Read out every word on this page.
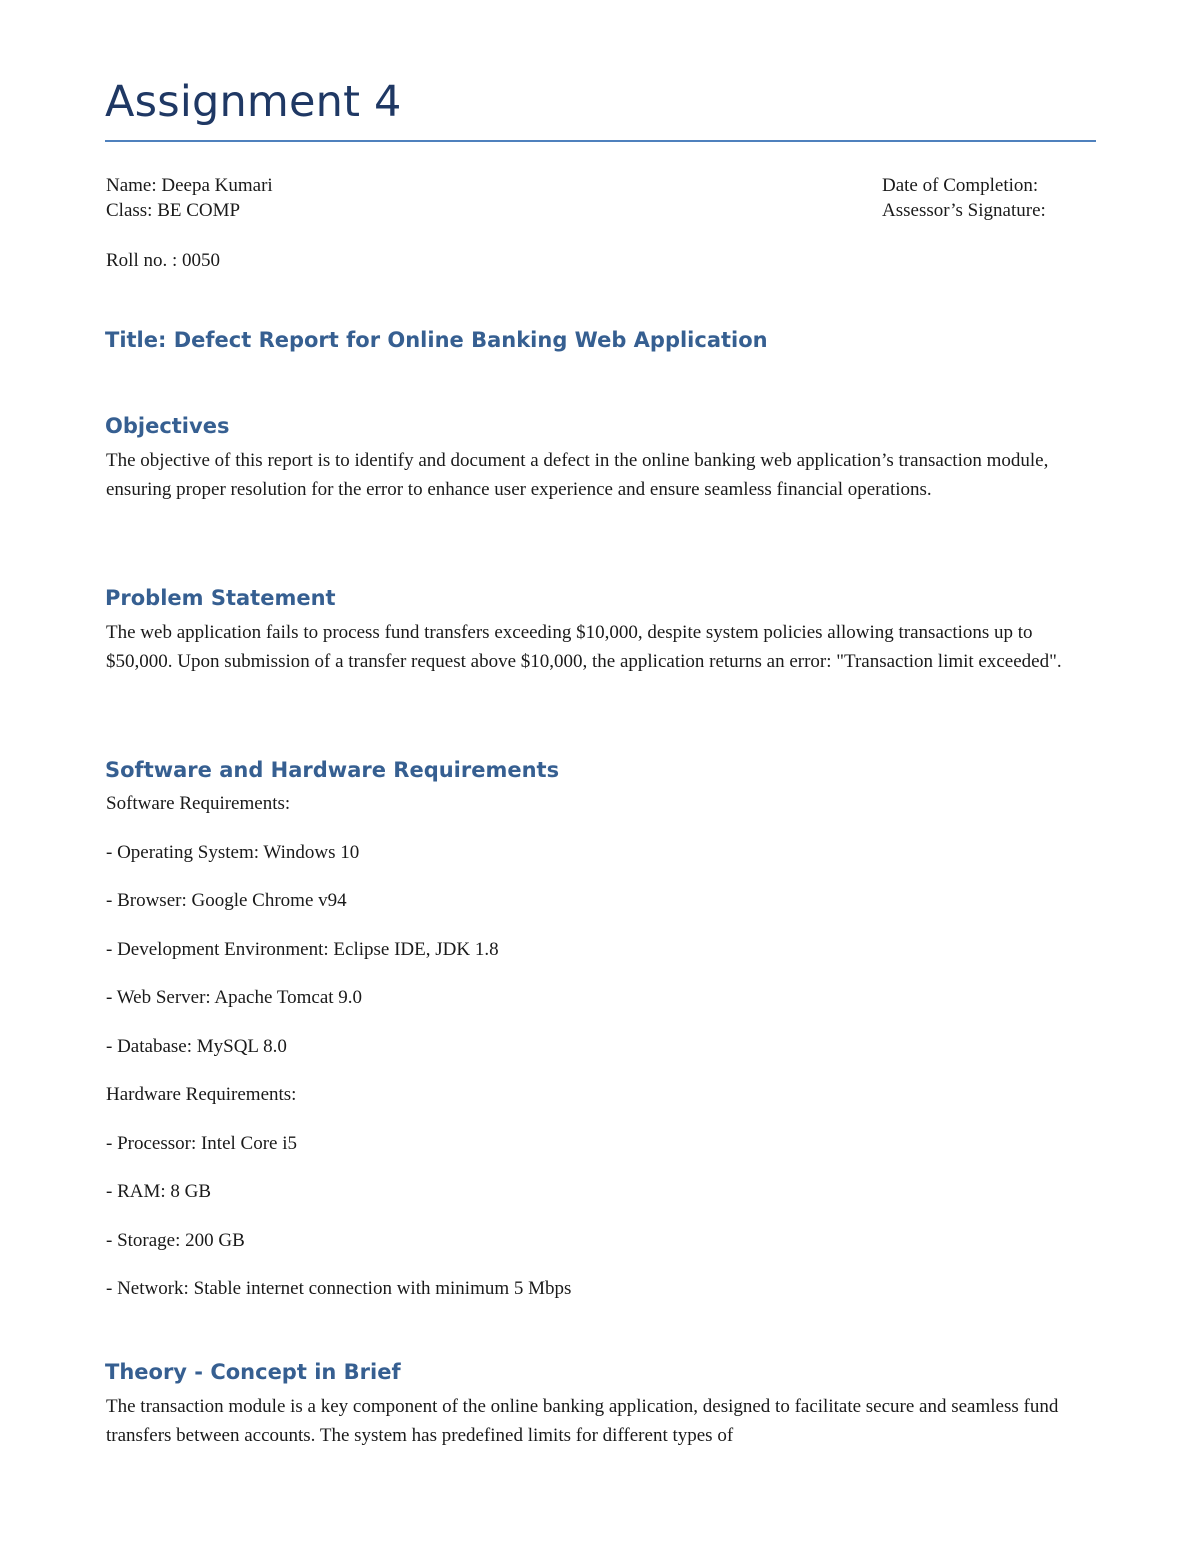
Assignment 4
Name: Deepa Kumari
Class: BE COMP
Date of Completion:
Assessor’s Signature:
Roll no. : 0050
Title: Defect Report for Online Banking Web Application
Objectives

The objective of this report is to identify and document a defect in the online banking web application’s transaction module, ensuring proper resolution for the error to enhance user experience and ensure seamless financial operations.

Problem Statement

The web application fails to process fund transfers exceeding $10,000, despite system policies allowing transactions up to $50,000. Upon submission of a transfer request above $10,000, the application returns an error: "Transaction limit exceeded".

Software and Hardware Requirements

Software Requirements:

- Operating System: Windows 10

- Browser: Google Chrome v94

- Development Environment: Eclipse IDE, JDK 1.8

- Web Server: Apache Tomcat 9.0

- Database: MySQL 8.0

Hardware Requirements:

- Processor: Intel Core i5

- RAM: 8 GB

- Storage: 200 GB

- Network: Stable internet connection with minimum 5 Mbps

Theory - Concept in Brief

The transaction module is a key component of the online banking application, designed to facilitate secure and seamless fund transfers between accounts. The system has predefined limits for different types of
